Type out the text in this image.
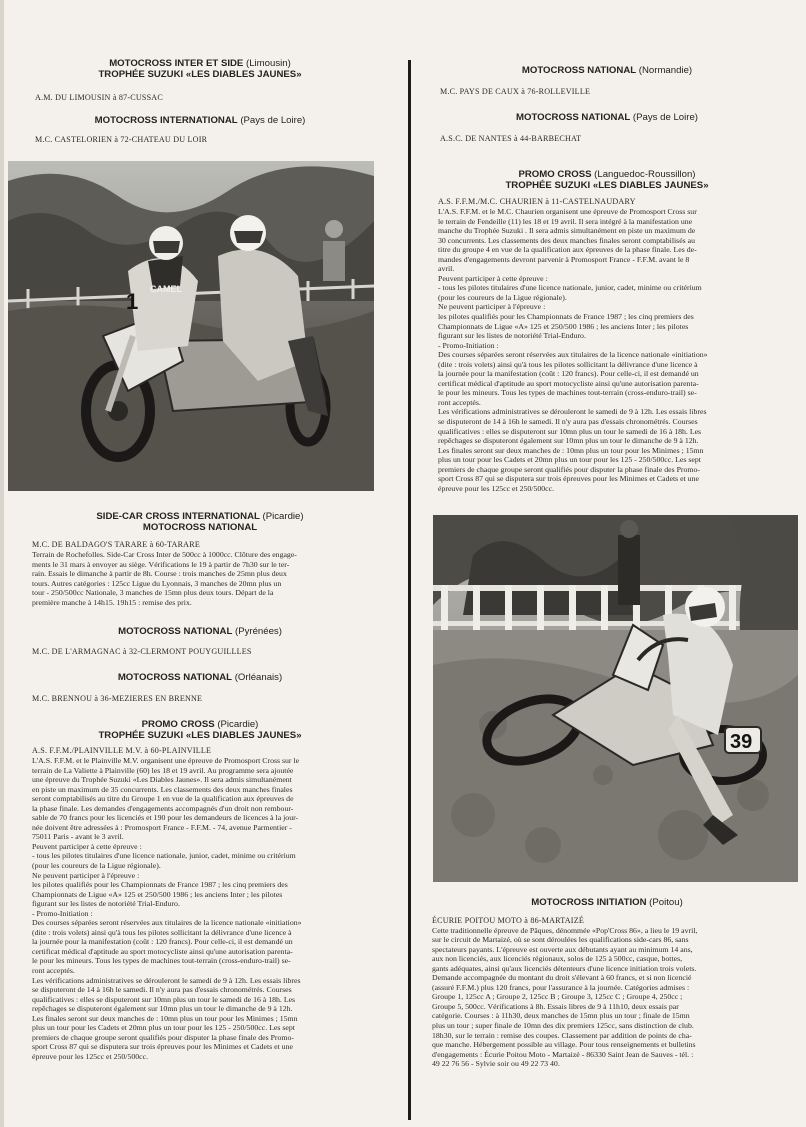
MOTOCROSS INTER ET SIDE (Limousin)

TROPHÉE SUZUKI «LES DIABLES JAUNES»

A.M. DU LIMOUSIN à 87-CUSSAC

MOTOCROSS INTERNATIONAL (Pays de Loire)

M.C. CASTELORIEN à 72-CHATEAU DU LOIR

1 CAMEL

SIDE-CAR CROSS INTERNATIONAL (Picardie)

MOTOCROSS NATIONAL

M.C. DE BALDAGO'S TARARE à 60-TARARE

Terrain de Rochefolles. Side-Car Cross Inter de 500cc à 1000cc. Clôture des engage-
ments le 31 mars à envoyer au siège. Vérifications le 19 à partir de 7h30 sur le ter-
rain. Essais le dimanche à partir de 8h. Course : trois manches de 25mn plus deux
tours. Autres catégories : 125cc Ligue du Lyonnais, 3 manches de 20mn plus un
tour - 250/500cc Nationale, 3 manches de 15mn plus deux tours. Départ de la
première manche à 14h15. 19h15 : remise des prix.

MOTOCROSS NATIONAL (Pyrénées)

M.C. DE L'ARMAGNAC à 32-CLERMONT POUYGUILLLES

MOTOCROSS NATIONAL (Orléanais)

M.C. BRENNOU à 36-MEZIERES EN BRENNE

PROMO CROSS (Picardie)

TROPHÉE SUZUKI «LES DIABLES JAUNES»

A.S. F.F.M./PLAINVILLE M.V. à 60-PLAINVILLE

L'A.S. F.F.M. et le Plainville M.V. organisent une épreuve de Promosport Cross sur le
terrain de La Valiette à Plainville (60) les 18 et 19 avril. Au programme sera ajoutée
une épreuve du Trophée Suzuki «Les Diables Jaunes». Il sera admis simultanément
en piste un maximum de 35 concurrents. Les classements des deux manches finales
seront comptabilisés au titre du Groupe 1 en vue de la qualification aux épreuves de
la phase finale. Les demandes d'engagements accompagnés d'un droit non rembour-
sable de 70 francs pour les licenciés et 190 pour les demandeurs de licences à la jour-
née doivent être adressées à : Promosport France - F.F.M. - 74, avenue Parmentier -
75011 Paris - avant le 3 avril.
Peuvent participer à cette épreuve :
- tous les pilotes titulaires d'une licence nationale, junior, cadet, minime ou critérium
(pour les coureurs de la Ligue régionale).
Ne peuvent participer à l'épreuve :
les pilotes qualifiés pour les Championnats de France 1987 ; les cinq premiers des
Championnats de Ligue «A» 125 et 250/500 1986 ; les anciens Inter ; les pilotes
figurant sur les listes de notoriété Trial-Enduro.
- Promo-Initiation :
Des courses séparées seront réservées aux titulaires de la licence nationale «initiation»
(dite : trois volets) ainsi qu'à tous les pilotes sollicitant la délivrance d'une licence à
la journée pour la manifestation (coût : 120 francs). Pour celle-ci, il est demandé un
certificat médical d'aptitude au sport motocycliste ainsi qu'une autorisation parenta-
le pour les mineurs. Tous les types de machines tout-terrain (cross-enduro-trail) se-
ront acceptés.
Les vérifications administratives se dérouleront le samedi de 9 à 12h. Les essais libres
se disputeront de 14 à 16h le samedi. Il n'y aura pas d'essais chronométrés. Courses
qualificatives : elles se disputeront sur 10mn plus un tour le samedi de 16 à 18h. Les
repêchages se disputeront également sur 10mn plus un tour le dimanche de 9 à 12h.
Les finales seront sur deux manches de : 10mn plus un tour pour les Minimes ; 15mn
plus un tour pour les Cadets et 20mn plus un tour pour les 125 - 250/500cc. Les sept
premiers de chaque groupe seront qualifiés pour disputer la phase finale des Promo-
sport Cross 87 qui se disputera sur trois épreuves pour les Minimes et Cadets et une
épreuve pour les 125cc et 250/500cc.

MOTOCROSS NATIONAL (Normandie)

M.C. PAYS DE CAUX à 76-ROLLEVILLE

MOTOCROSS NATIONAL (Pays de Loire)

A.S.C. DE NANTES à 44-BARBECHAT

PROMO CROSS (Languedoc-Roussillon)

TROPHÉE SUZUKI «LES DIABLES JAUNES»

A.S. F.F.M./M.C. CHAURIEN à 11-CASTELNAUDARY

L'A.S. F.F.M. et le M.C. Chaurien organisent une épreuve de Promosport Cross sur
le terrain de Fendeille (11) les 18 et 19 avril. Il sera intégré à la manifestation une
manche du Trophée Suzuki . Il sera admis simultanément en piste un maximum de
30 concurrents. Les classements des deux manches finales seront comptabilisés au
titre du groupe 4 en vue de la qualification aux épreuves de la phase finale. Les de-
mandes d'engagements devront parvenir à Promosport France - F.F.M. avant le 8
avril.
Peuvent participer à cette épreuve :
- tous les pilotes titulaires d'une licence nationale, junior, cadet, minime ou critérium
(pour les coureurs de la Ligue régionale).
Ne peuvent participer à l'épreuve :
les pilotes qualifiés pour les Championnats de France 1987 ; les cinq premiers des
Championnats de Ligue «A» 125 et 250/500 1986 ; les anciens Inter ; les pilotes
figurant sur les listes de notoriété Trial-Enduro.
- Promo-Initiation :
Des courses séparées seront réservées aux titulaires de la licence nationale «initiation»
(dite : trois volets) ainsi qu'à tous les pilotes sollicitant la délivrance d'une licence à
la journée pour la manifestation (coût : 120 francs). Pour celle-ci, il est demandé un
certificat médical d'aptitude au sport motocycliste ainsi qu'une autorisation parenta-
le pour les mineurs. Tous les types de machines tout-terrain (cross-enduro-trail) se-
ront acceptés.
Les vérifications administratives se dérouleront le samedi de 9 à 12h. Les essais libres
se disputeront de 14 à 16h le samedi. Il n'y aura pas d'essais chronométrés. Courses
qualificatives : elles se disputeront sur 10mn plus un tour le samedi de 16 à 18h. Les
repêchages se disputeront également sur 10mn plus un tour le dimanche de 9 à 12h.
Les finales seront sur deux manches de : 10mn plus un tour pour les Minimes ; 15mn
plus un tour pour les Cadets et 20mn plus un tour pour les 125 - 250/500cc. Les sept
premiers de chaque groupe seront qualifiés pour disputer la phase finale des Promo-
sport Cross 87 qui se disputera sur trois épreuves pour les Minimes et Cadets et une
épreuve pour les 125cc et 250/500cc.

39

MOTOCROSS INITIATION (Poitou)

ÉCURIE POITOU MOTO à 86-MARTAIZÉ

Cette traditionnelle épreuve de Pâques, dénommée «Pop'Cross 86», a lieu le 19 avril,
sur le circuit de Martaizé, où se sont déroulées les qualifications side-cars 86, sans
spectateurs payants. L'épreuve est ouverte aux débutants ayant au minimum 14 ans,
aux non licenciés, aux licenciés régionaux, solos de 125 à 500cc, casque, bottes,
gants adéquates, ainsi qu'aux licenciés détenteurs d'une licence initiation trois volets.
Demande accompagnée du montant du droit s'élevant à 60 francs, et si non licencié
(assuré F.F.M.) plus 120 francs, pour l'assurance à la journée. Catégories admises :
Groupe 1, 125cc A ; Groupe 2, 125cc B ; Groupe 3, 125cc C ; Groupe 4, 250cc ;
Groupe 5, 500cc. Vérifications à 8h. Essais libres de 9 à 11h10, deux essais par
catégorie. Courses : à 11h30, deux manches de 15mn plus un tour ; finale de 15mn
plus un tour ; super finale de 10mn des dix premiers 125cc, sans distinction de club.
18h30, sur le terrain : remise des coupes. Classement par addition de points de cha-
que manche. Hébergement possible au village. Pour tous renseignements et bulletins
d'engagements : Écurie Poitou Moto - Martaizé - 86330 Saint Jean de Sauves - tél. :
49 22 76 56 - Sylvie soir ou 49 22 73 40.
